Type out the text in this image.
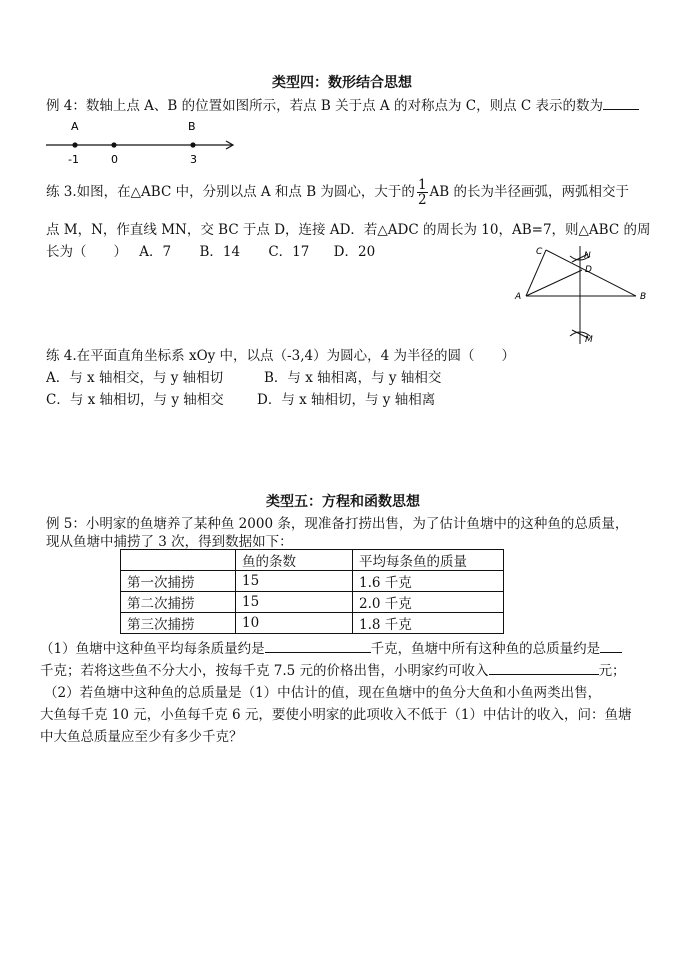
类型四：数形结合思想
例 4：数轴上点 A、B 的位置如图所示，若点 B 关于点 A 的对称点为 C，则点 C 表示的数为
A	B
-1	0	3
练 3.如图，在△ABC 中，分别以点 A 和点 B 为圆心，大于的 $\frac{1}{2}$ AB 的长为半径画弧，两弧相交于
点 M，N，作直线 MN，交 BC 于点 D，连接 AD．若△ADC 的周长为 10，AB=7，则△ABC 的周
长为（　　） A．7 B．14 C．17 D．20	C	N
D
A	B
M
练 4.在平面直角坐标系 xOy 中，以点（-3,4）为圆心，4 为半径的圆（　　）
A．与 x 轴相交，与 y 轴相切	B．与 x 轴相离，与 y 轴相交
C．与 x 轴相切，与 y 轴相交 D．与 x 轴相切，与 y 轴相离
类型五：方程和函数思想
例 5：小明家的鱼塘养了某种鱼 2000 条，现准备打捞出售，为了估计鱼塘中的这种鱼的总质量，
现从鱼塘中捕捞了 3 次，得到数据如下：
	鱼的条数	平均每条鱼的质量
第一次捕捞	15	1.6 千克
第二次捕捞	15	2.0 千克
第三次捕捞	10	1.8 千克
（1）鱼塘中这种鱼平均每条质量约是	千克，鱼塘中所有这种鱼的总质量约是
千克；若将这些鱼不分大小，按每千克 7.5 元的价格出售，小明家约可收入	元；
（2）若鱼塘中这种鱼的总质量是（1）中估计的值，现在鱼塘中的鱼分大鱼和小鱼两类出售，
大鱼每千克 10 元，小鱼每千克 6 元，要使小明家的此项收入不低于（1）中估计的收入，问：鱼塘
中大鱼总质量应至少有多少千克？
